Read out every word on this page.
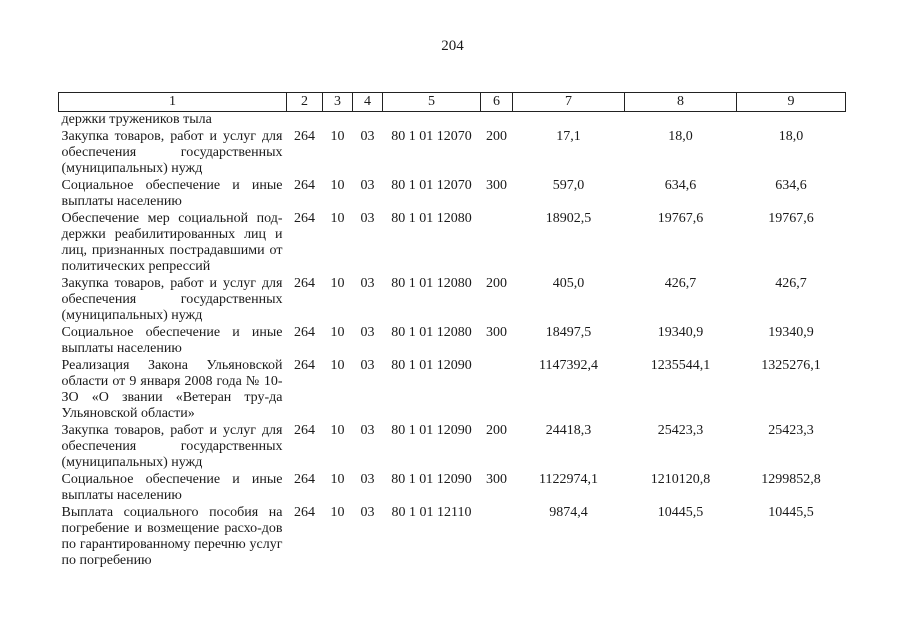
204
1	2	3	4	5	6	7	8	9
держки тружеников тыла								
Закупка товаров, работ и услуг для обеспечения государственных (муниципальных) нужд	264	10	03	80 1 01 12070	200	17,1	18,0	18,0
Социальное обеспечение и иные выплаты населению	264	10	03	80 1 01 12070	300	597,0	634,6	634,6
Обеспечение мер социальной под-держки реабилитированных лиц и лиц, признанных пострадавшими от политических репрессий	264	10	03	80 1 01 12080		18902,5	19767,6	19767,6
Закупка товаров, работ и услуг для обеспечения государственных (муниципальных) нужд	264	10	03	80 1 01 12080	200	405,0	426,7	426,7
Социальное обеспечение и иные выплаты населению	264	10	03	80 1 01 12080	300	18497,5	19340,9	19340,9
Реализация Закона Ульяновской области от 9 января 2008 года № 10-ЗО «О звании «Ветеран тру-да Ульяновской области»	264	10	03	80 1 01 12090		1147392,4	1235544,1	1325276,1
Закупка товаров, работ и услуг для обеспечения государственных (муниципальных) нужд	264	10	03	80 1 01 12090	200	24418,3	25423,3	25423,3
Социальное обеспечение и иные выплаты населению	264	10	03	80 1 01 12090	300	1122974,1	1210120,8	1299852,8
Выплата социального пособия на погребение и возмещение расхо-дов по гарантированному перечню услуг по погребению	264	10	03	80 1 01 12110		9874,4	10445,5	10445,5
